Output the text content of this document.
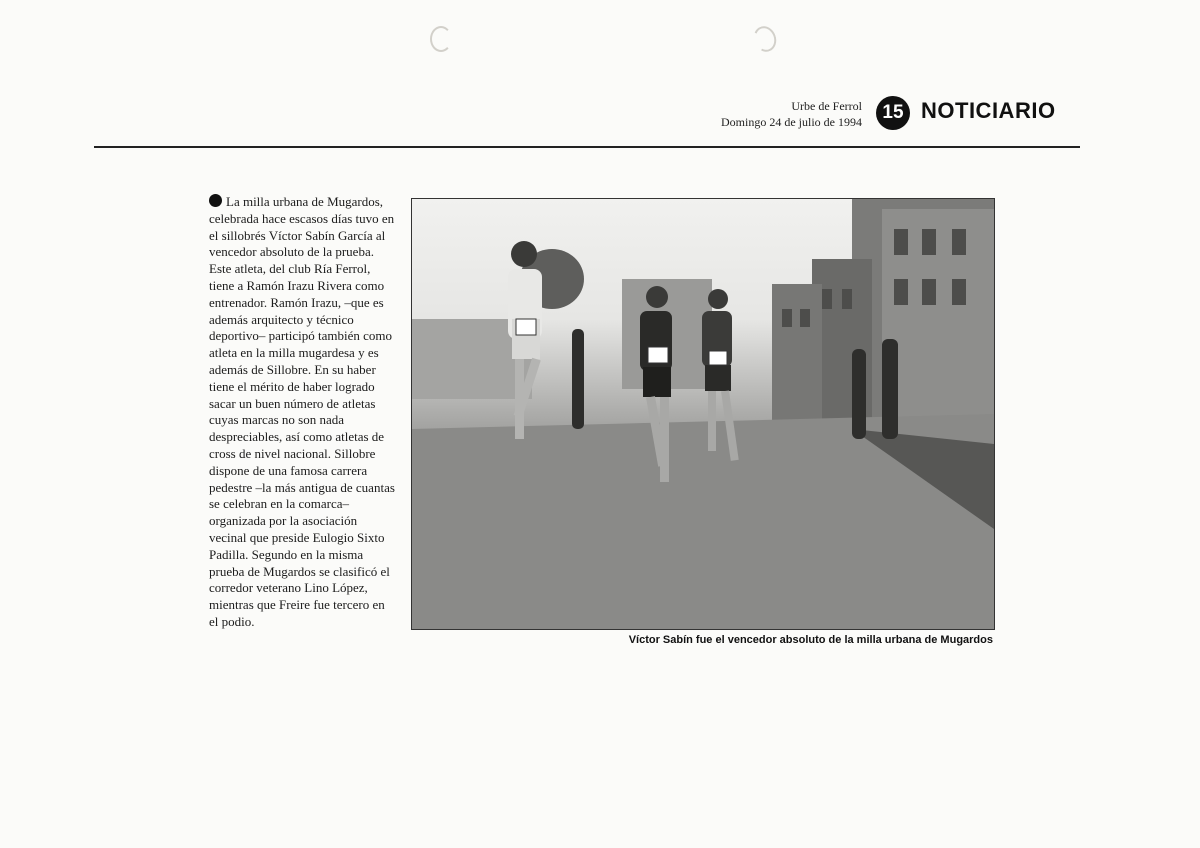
Urbe de Ferrol
Domingo 24 de julio de 1994	15 NOTICIARIO
La milla urbana de Mugardos, celebrada hace escasos días tuvo en el sillobrés Víctor Sabín García al vencedor absoluto de la prueba. Este atleta, del club Ría Ferrol, tiene a Ramón Irazu Rivera como entrenador. Ramón Irazu, –que es además arquitecto y técnico deportivo– participó también como atleta en la milla mugardesa y es además de Sillobre. En su haber tiene el mérito de haber logrado sacar un buen número de atletas cuyas marcas no son nada despreciables, así como atletas de cross de nivel nacional. Sillobre dispone de una famosa carrera pedestre –la más antigua de cuantas se celebran en la comarca– organizada por la asociación vecinal que preside Eulogio Sixto Padilla. Segundo en la misma prueba de Mugardos se clasificó el corredor veterano Lino López, mientras que Freire fue tercero en el podio.
Víctor Sabín fue el vencedor absoluto de la milla urbana de Mugardos
